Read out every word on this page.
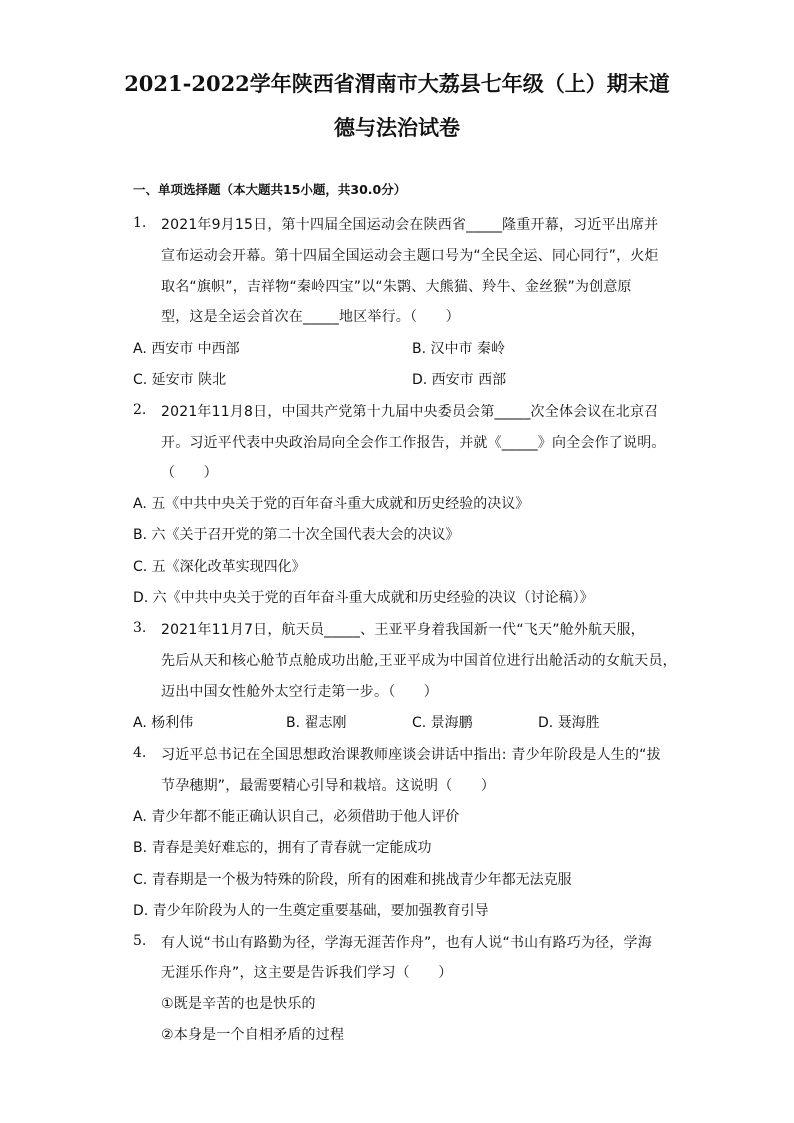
2021-2022学年陕西省渭南市大荔县七年级（上）期末道
德与法治试卷
一、单项选择题（本大题共15小题，共30.0分）
1. 2021年9月15日，第十四届全国运动会在陕西省_____隆重开幕，习近平出席并
宣布运动会开幕。第十四届全国运动会主题口号为“全民全运、同心同行”，火炬
取名“旗帜”，吉祥物“秦岭四宝”以“朱鹮、大熊猫、羚牛、金丝猴”为创意原
型，这是全运会首次在_____地区举行。（　　）
A. 西安市 中西部	B. 汉中市 秦岭
C. 延安市 陕北	D. 西安市 西部
2. 2021年11月8日，中国共产党第十九届中央委员会第_____次全体会议在北京召
开。习近平代表中央政治局向全会作工作报告，并就《_____》向全会作了说明。
（　　）
A. 五《中共中央关于党的百年奋斗重大成就和历史经验的决议》
B. 六《关于召开党的第二十次全国代表大会的决议》
C. 五《深化改革实现四化》
D. 六《中共中央关于党的百年奋斗重大成就和历史经验的决议（讨论稿）》
3. 2021年11月7日，航天员_____、王亚平身着我国新一代“飞天”舱外航天服，
先后从天和核心舱节点舱成功出舱,王亚平成为中国首位进行出舱活动的女航天员，
迈出中国女性舱外太空行走第一步。（　　）
A. 杨利伟	B. 翟志刚	C. 景海鹏	D. 聂海胜
4. 习近平总书记在全国思想政治课教师座谈会讲话中指出: 青少年阶段是人生的“拔
节孕穗期”，最需要精心引导和栽培。这说明（　　）
A. 青少年都不能正确认识自己，必须借助于他人评价
B. 青春是美好难忘的，拥有了青春就一定能成功
C. 青春期是一个极为特殊的阶段，所有的困难和挑战青少年都无法克服
D. 青少年阶段为人的一生奠定重要基础，要加强教育引导
5. 有人说“书山有路勤为径，学海无涯苦作舟”，也有人说“书山有路巧为径，学海
无涯乐作舟”，这主要是告诉我们学习（　　）
①既是辛苦的也是快乐的
②本身是一个自相矛盾的过程
